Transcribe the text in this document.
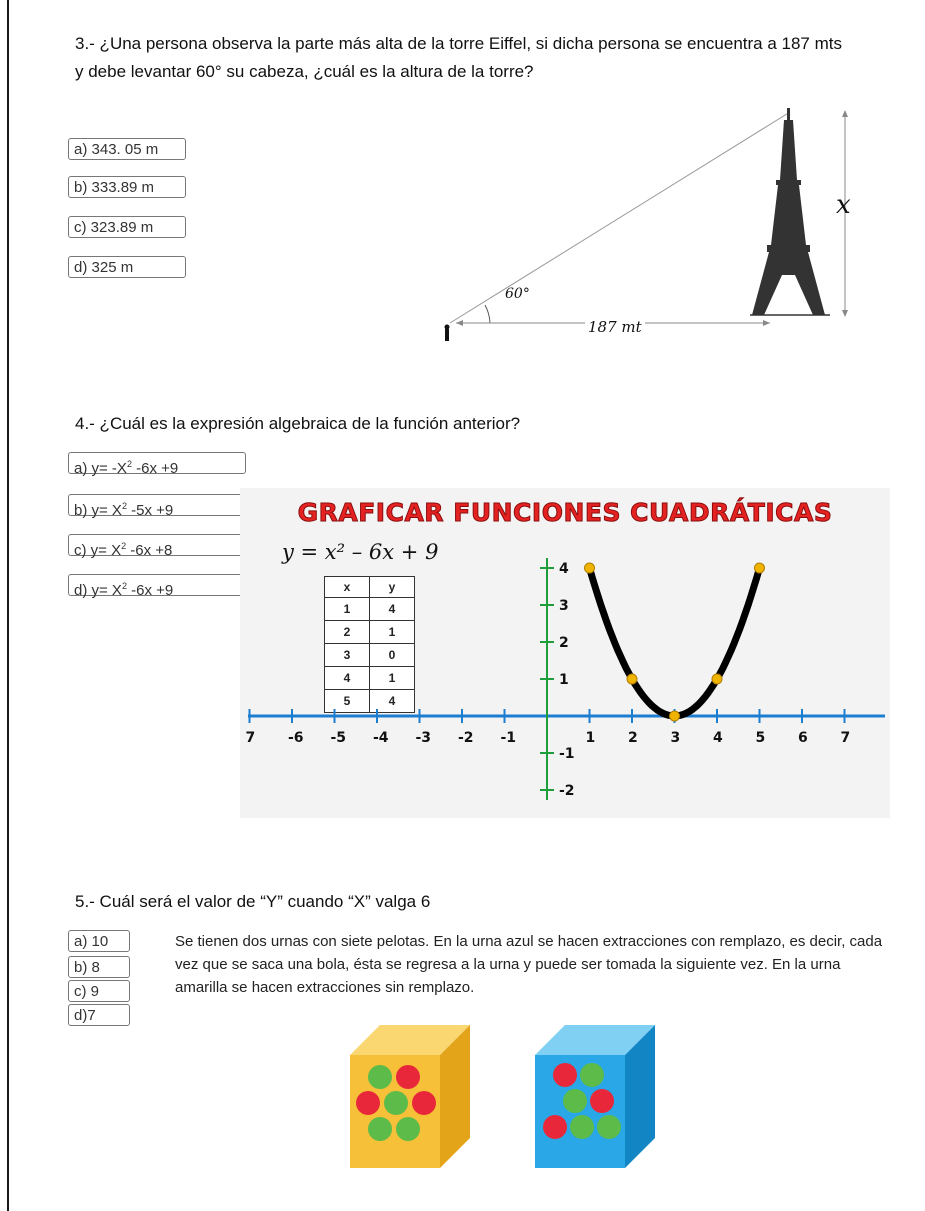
3.- ¿Una persona observa la parte más alta de la torre Eiffel, si dicha persona se encuentra a 187 mts
y debe levantar 60° su cabeza, ¿cuál es la altura de la torre?
a) 343. 05 m
b) 333.89 m
c) 323.89 m
d) 325 m
x
60°
187 mt
4.- ¿Cuál es la expresión algebraica de la función anterior?
a) $y= -X^2$ -6x +9
b) $y= X^2$ -5x +9
c) $y= X^2$ -6x +8
d) $y= X^2$ -6x +9
GRAFICAR FUNCIONES CUADRÁTICAS
y = x² – 6x + 9
x	y
1	4
2	1
3	0
4	1
5	4
7 -6 -5 -4 -3 -2 -1	1 2 3 4 5 6 7
4
3
2
1
-1
-2
5.- Cuál será el valor de “Y” cuando “X” valga 6
a) 10
b) 8
c) 9
d)7
Se tienen dos urnas con siete pelotas. En la urna azul se hacen extracciones con remplazo, es decir, cada vez que se saca una bola, ésta se regresa a la urna y puede ser tomada la siguiente vez. En la urna amarilla se hacen extracciones sin remplazo.
